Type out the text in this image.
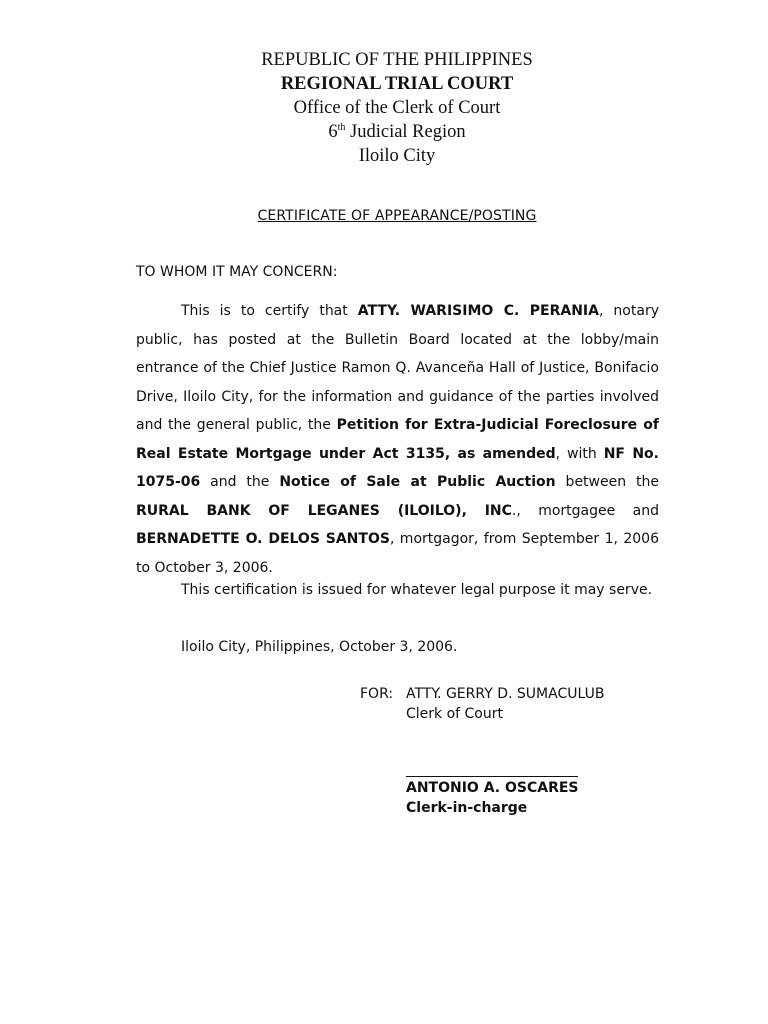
REPUBLIC OF THE PHILIPPINES
REGIONAL TRIAL COURT
Office of the Clerk of Court
6th Judicial Region
Iloilo City
CERTIFICATE OF APPEARANCE/POSTING
TO WHOM IT MAY CONCERN:
This is to certify that ATTY. WARISIMO C. PERANIA, notary public, has posted at the Bulletin Board located at the lobby/main entrance of the Chief Justice Ramon Q. Avanceña Hall of Justice, Bonifacio Drive, Iloilo City, for the information and guidance of the parties involved and the general public, the Petition for Extra-Judicial Foreclosure of Real Estate Mortgage under Act 3135, as amended, with NF No. 1075-06 and the Notice of Sale at Public Auction between the RURAL BANK OF LEGANES (ILOILO), INC., mortgagee and BERNADETTE O. DELOS SANTOS, mortgagor, from September 1, 2006 to October 3, 2006.
This certification is issued for whatever legal purpose it may serve.
Iloilo City, Philippines, October 3, 2006.
FOR: ATTY. GERRY D. SUMACULUB
Clerk of Court
ANTONIO A. OSCARES
Clerk-in-charge
